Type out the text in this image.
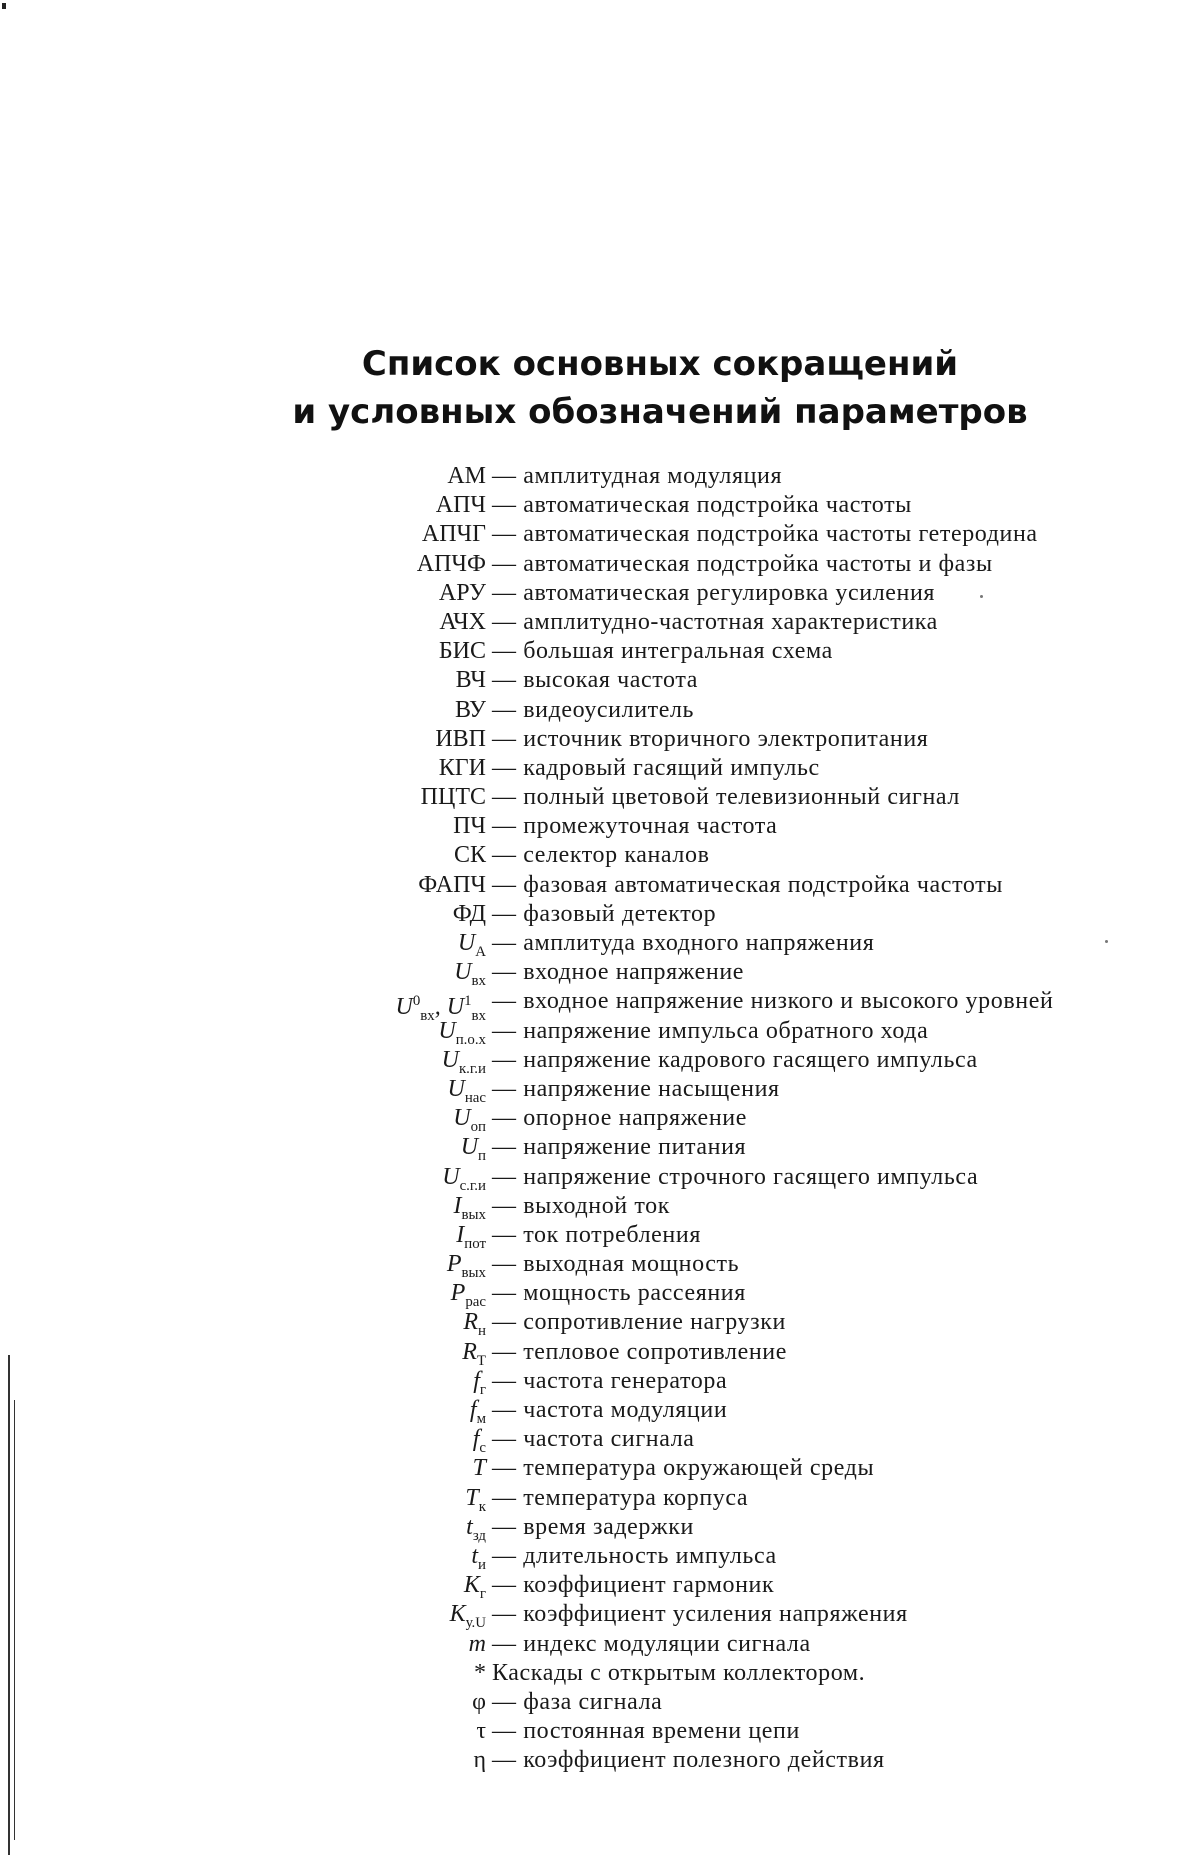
Список основных сокращений
и условных обозначений параметров
АМ — амплитудная модуляция
АПЧ — автоматическая подстройка частоты
АПЧГ — автоматическая подстройка частоты гетеродина
АПЧФ — автоматическая подстройка частоты и фазы
АРУ — автоматическая регулировка усиления
АЧХ — амплитудно-частотная характеристика
БИС — большая интегральная схема
ВЧ — высокая частота
ВУ — видеоусилитель
ИВП — источник вторичного электропитания
КГИ — кадровый гасящий импульс
ПЦТС — полный цветовой телевизионный сигнал
ПЧ — промежуточная частота
СК — селектор каналов
ФАПЧ — фазовая автоматическая подстройка частоты
ФД — фазовый детектор
$U_А$ — амплитуда входного напряжения
$U_{вх}$ — входное напряжение
$U^0_{вх}$, $U^1_{вх}$
— входное напряжение низкого и высокого уровней
$U_{п.о.х}$ — напряжение импульса обратного хода
$U_{к.г.и}$ — напряжение кадрового гасящего импульса
$U_{нас}$ — напряжение насыщения
$U_{оп}$ — опорное напряжение
$U_п$ — напряжение питания
$U_{с.г.и}$ — напряжение строчного гасящего импульса
$I_{вых}$ — выходной ток
$I_{пот}$ — ток потребления
$P_{вых}$ — выходная мощность
$P_{рас}$ — мощность рассеяния
$R_н$ — сопротивление нагрузки
$R_T$ — тепловое сопротивление
$f_г$ — частота генератора
$f_м$ — частота модуляции
$f_с$ — частота сигнала
T — температура окружающей среды
$T_к$ — температура корпуса
$t_{зд}$ — время задержки
$t_и$ — длительность импульса
$K_г$ — коэффициент гармоник
$K_{у.U}$ — коэффициент усиления напряжения
m — индекс модуляции сигнала
* Каскады с открытым коллектором.
φ — фаза сигнала
τ — постоянная времени цепи
η — коэффициент полезного действия
